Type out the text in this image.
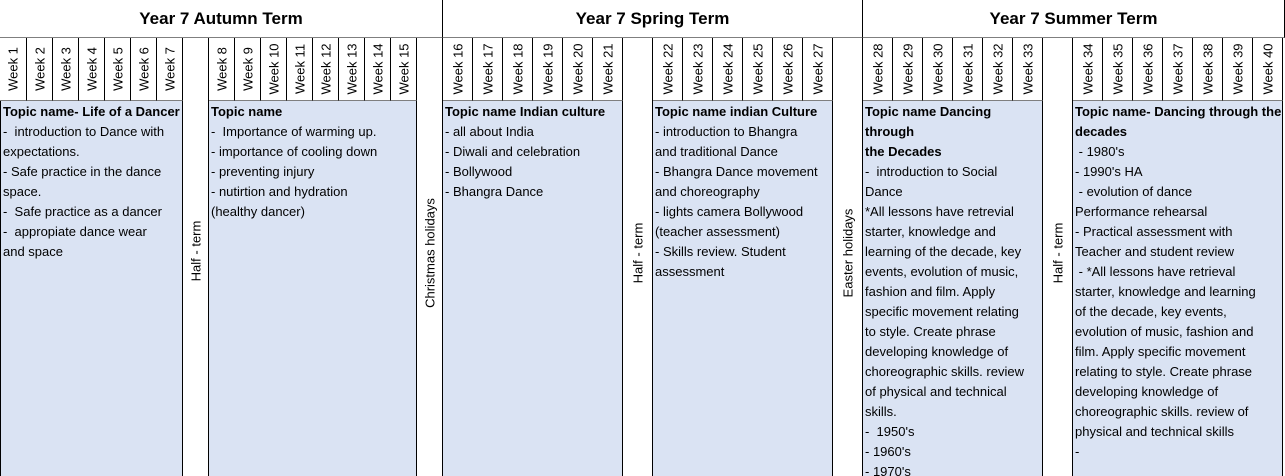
Year 7 Autumn Term	Year 7 Spring Term	Year 7 Summer Term
Week 1 Week 2 Week 3 Week 4 Week 5 Week 6 Week 7	Week 8 Week 9 Week 10 Week 11 Week 12 Week 13 Week 14 Week 15	Week 16 Week 17 Week 18 Week 19 Week 20 Week 21	Week 22 Week 23 Week 24 Week 25 Week 26 Week 27	Week 28 Week 29 Week 30 Week 31 Week 32 Week 33	Week 34 Week 35 Week 36 Week 37 Week 38 Week 39 Week 40
Half - term	Christmas holidays	Half - term	Easter holidays	Half - term
Topic name- Life of a Dancer
-  introduction to Dance with
expectations.
- Safe practice in the dance
space.
-  Safe practice as a dancer
-  appropiate dance wear
and space
Topic name
-  Importance of warming up.
- importance of cooling down
- preventing injury
- nutirtion and hydration
(healthy dancer)
Topic name Indian culture
- all about India
- Diwali and celebration
- Bollywood
- Bhangra Dance
Topic name indian Culture
- introduction to Bhangra
and traditional Dance
- Bhangra Dance movement
and choreography
- lights camera Bollywood
(teacher assessment)
- Skills review. Student
assessment
Topic name Dancing through
the Decades
-  introduction to Social
Dance
*All lessons have retrevial
starter, knowledge and
learning of the decade, key
events, evolution of music,
fashion and film. Apply
specific movement relating
to style. Create phrase
developing knowledge of
choreographic skills. review
of physical and technical
skills.
-  1950's
- 1960's
- 1970's
Topic name- Dancing through the
decades
- 1980's
- 1990's HA
- evolution of dance
Performance rehearsal
- Practical assessment with
Teacher and student review
- *All lessons have retrieval
starter, knowledge and learning
of the decade, key events,
evolution of music, fashion and
film. Apply specific movement
relating to style. Create phrase
developing knowledge of
choreographic skills. review of
physical and technical skills
-
